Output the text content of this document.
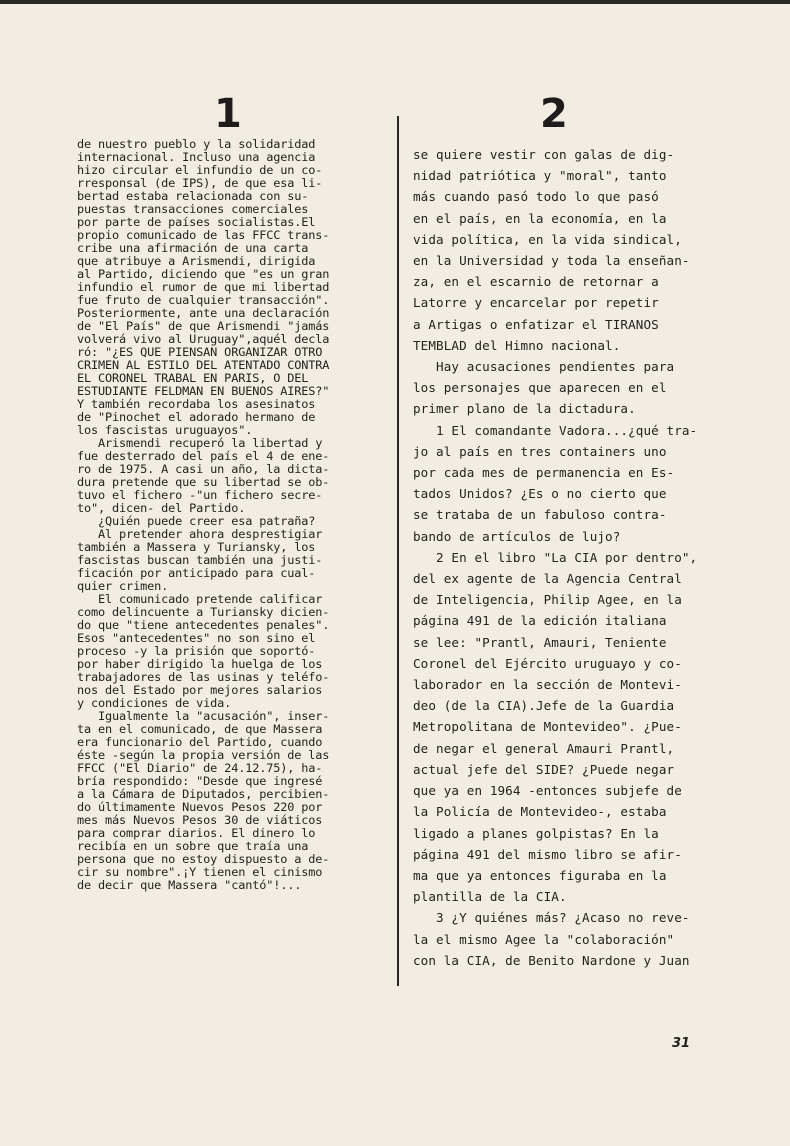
1	2

de nuestro pueblo y la solidaridad

internacional. Incluso una agencia

hizo circular el infundio de un co-

rresponsal (de IPS), de que esa li-

bertad estaba relacionada con su-

puestas transacciones comerciales

por parte de países socialistas.El

propio comunicado de las FFCC trans-

cribe una afirmación de una carta

que atribuye a Arismendi, dirigida

al Partido, diciendo que "es un gran

infundio el rumor de que mi libertad

fue fruto de cualquier transacción".

Posteriormente, ante una declaración

de "El País" de que Arismendi "jamás

volverá vivo al Uruguay",aquél decla

ró: "¿ES QUE PIENSAN ORGANIZAR OTRO

CRIMEN AL ESTILO DEL ATENTADO CONTRA

EL CORONEL TRABAL EN PARIS, O DEL

ESTUDIANTE FELDMAN EN BUENOS AIRES?"

Y también recordaba los asesinatos

de "Pinochet el adorado hermano de

los fascistas uruguayos".

Arismendi recuperó la libertad y

fue desterrado del país el 4 de ene-

ro de 1975. A casi un año, la dicta-

dura pretende que su libertad se ob-

tuvo el fichero -"un fichero secre-

to", dicen- del Partido.

¿Quién puede creer esa patraña?

Al pretender ahora desprestigiar

también a Massera y Turiansky, los

fascistas buscan también una justi-

ficación por anticipado para cual-

quier crimen.

El comunicado pretende calificar

como delincuente a Turiansky dicien-

do que "tiene antecedentes penales".

Esos "antecedentes" no son sino el

proceso -y la prisión que soportó-

por haber dirigido la huelga de los

trabajadores de las usinas y teléfo-

nos del Estado por mejores salarios

y condiciones de vida.

Igualmente la "acusación", inser-

ta en el comunicado, de que Massera

era funcionario del Partido, cuando

éste -según la propia versión de las

FFCC ("El Diario" de 24.12.75), ha-

bría respondido: "Desde que ingresé

a la Cámara de Diputados, percibien-

do últimamente Nuevos Pesos 220 por

mes más Nuevos Pesos 30 de viáticos

para comprar diarios. El dinero lo

recibía en un sobre que traía una

persona que no estoy dispuesto a de-

cir su nombre".¡Y tienen el cinismo

de decir que Massera "cantó"!...

se quiere vestir con galas de dig-

nidad patriótica y "moral", tanto

más cuando pasó todo lo que pasó

en el país, en la economía, en la

vida política, en la vida sindical,

en la Universidad y toda la enseñan-

za, en el escarnio de retornar a

Latorre y encarcelar por repetir

a Artigas o enfatizar el TIRANOS

TEMBLAD del Himno nacional.

Hay acusaciones pendientes para

los personajes que aparecen en el

primer plano de la dictadura.

1 El comandante Vadora...¿qué tra-

jo al país en tres containers uno

por cada mes de permanencia en Es-

tados Unidos? ¿Es o no cierto que

se trataba de un fabuloso contra-

bando de artículos de lujo?

2 En el libro "La CIA por dentro",

del ex agente de la Agencia Central

de Inteligencia, Philip Agee, en la

página 491 de la edición italiana

se lee: "Prantl, Amauri, Teniente

Coronel del Ejército uruguayo y co-

laborador en la sección de Montevi-

deo (de la CIA).Jefe de la Guardia

Metropolitana de Montevideo". ¿Pue-

de negar el general Amauri Prantl,

actual jefe del SIDE? ¿Puede negar

que ya en 1964 -entonces subjefe de

la Policía de Montevideo-, estaba

ligado a planes golpistas? En la

página 491 del mismo libro se afir-

ma que ya entonces figuraba en la

plantilla de la CIA.

3 ¿Y quiénes más? ¿Acaso no reve-

la el mismo Agee la "colaboración"

con la CIA, de Benito Nardone y Juan

31
